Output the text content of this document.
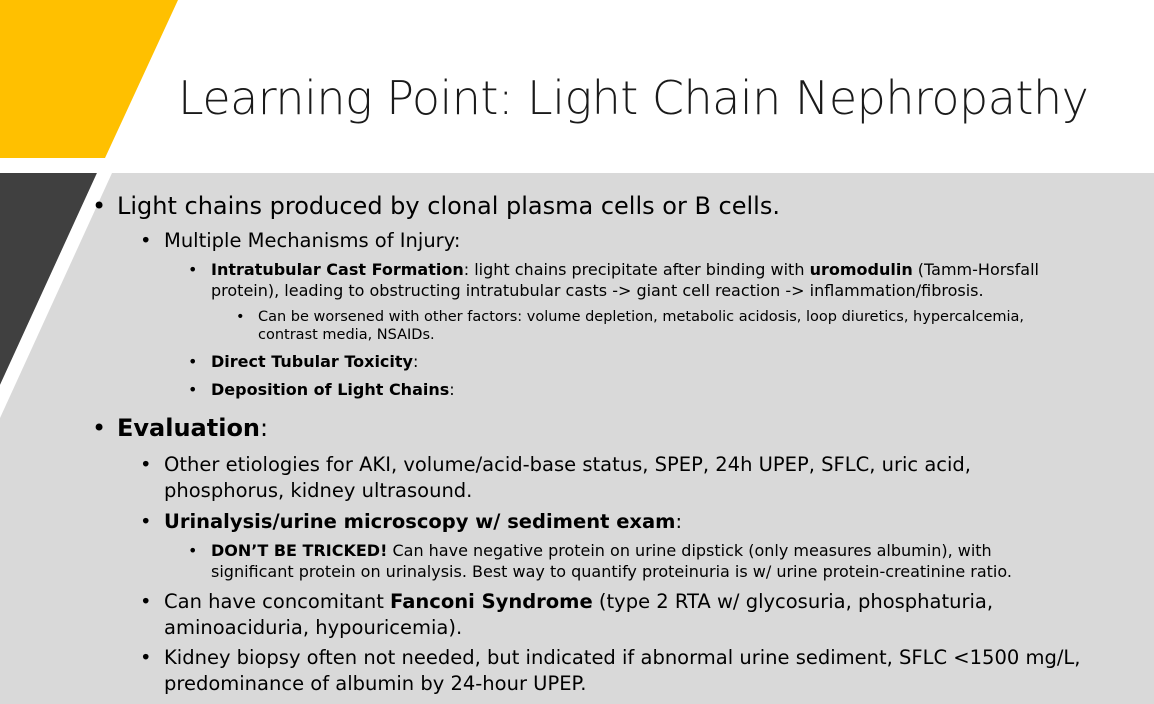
Learning Point: Light Chain Nephropathy
• Light chains produced by clonal plasma cells or B cells.
• Multiple Mechanisms of Injury:
• Intratubular Cast Formation: light chains precipitate after binding with uromodulin (Tamm-Horsfall
protein), leading to obstructing intratubular casts -> giant cell reaction -> inflammation/fibrosis.
• Can be worsened with other factors: volume depletion, metabolic acidosis, loop diuretics, hypercalcemia,
contrast media, NSAIDs.
• Direct Tubular Toxicity:
• Deposition of Light Chains:
• Evaluation:
• Other etiologies for AKI, volume/acid-base status, SPEP, 24h UPEP, SFLC, uric acid,
phosphorus, kidney ultrasound.
• Urinalysis/urine microscopy w/ sediment exam:
• DON’T BE TRICKED! Can have negative protein on urine dipstick (only measures albumin), with
significant protein on urinalysis. Best way to quantify proteinuria is w/ urine protein-creatinine ratio.
• Can have concomitant Fanconi Syndrome (type 2 RTA w/ glycosuria, phosphaturia,
aminoaciduria, hypouricemia).
• Kidney biopsy often not needed, but indicated if abnormal urine sediment, SFLC <1500 mg/L,
predominance of albumin by 24-hour UPEP.
